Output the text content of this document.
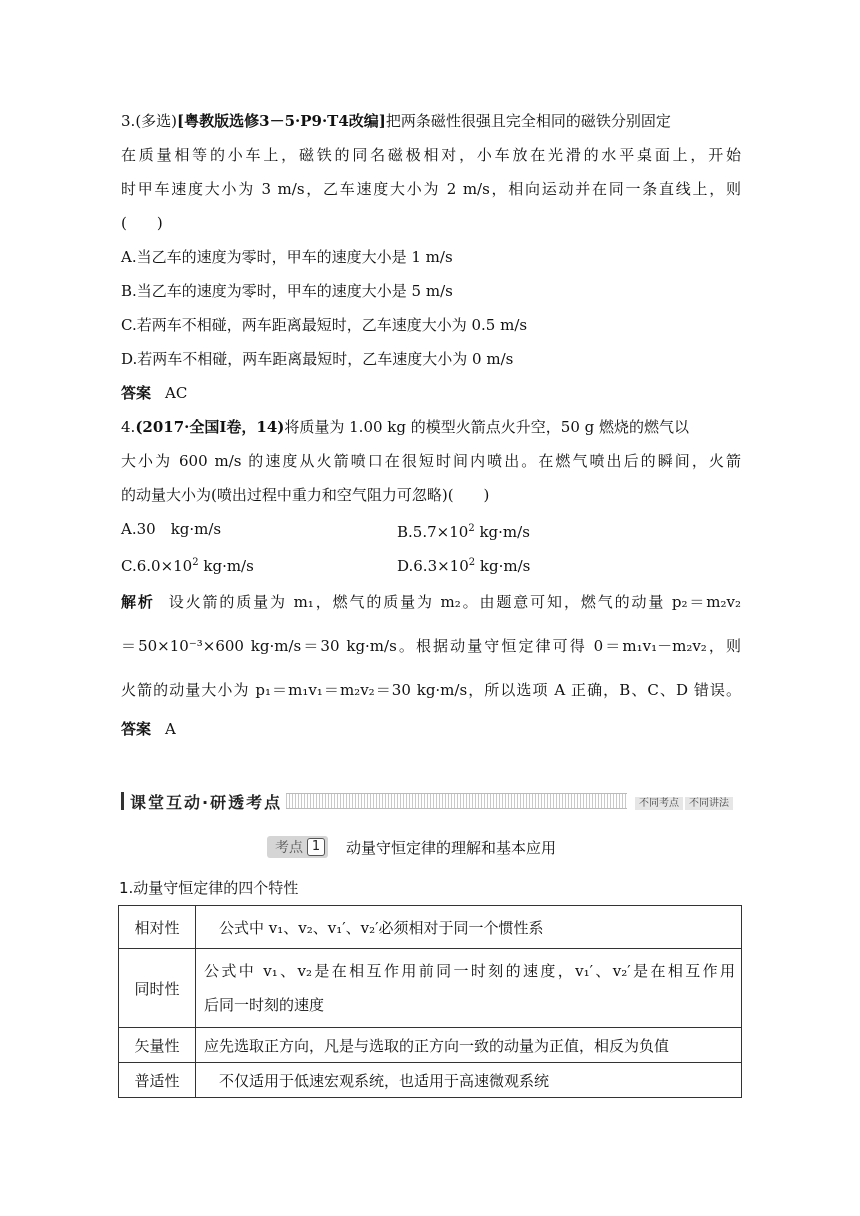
3.(多选)[粤教版选修3－5·P9·T4改编]把两条磁性很强且完全相同的磁铁分别固定
在质量相等的小车上，磁铁的同名磁极相对，小车放在光滑的水平桌面上，开始
时甲车速度大小为 3 m/s，乙车速度大小为 2 m/s，相向运动并在同一条直线上，则
(　　)
A.当乙车的速度为零时，甲车的速度大小是 1 m/s
B.当乙车的速度为零时，甲车的速度大小是 5 m/s
C.若两车不相碰，两车距离最短时，乙车速度大小为 0.5 m/s
D.若两车不相碰，两车距离最短时，乙车速度大小为 0 m/s
答案 AC
4.(2017·全国Ⅰ卷，14)将质量为 1.00 kg 的模型火箭点火升空，50 g 燃烧的燃气以
大小为 600 m/s 的速度从火箭喷口在很短时间内喷出。在燃气喷出后的瞬间，火箭
的动量大小为(喷出过程中重力和空气阻力可忽略)(　　)
A.30　kg·m/s	$B.5.7\times 10^2$ kg·m/s
$C.6.0\times 10^2$ kg·m/s	$D.6.3\times 10^2$ kg·m/s
解析 设火箭的质量为 m₁，燃气的质量为 m₂。由题意可知，燃气的动量 p₂＝m₂v₂
＝50×10⁻³×600 kg·m/s＝30 kg·m/s。根据动量守恒定律可得 0＝m₁v₁－m₂v₂，则
火箭的动量大小为 p₁＝m₁v₁＝m₂v₂＝30 kg·m/s，所以选项 A 正确，B、C、D 错误。
答案 A
课堂互动·研透考点	不同考点 不同讲法
考点 1	动量守恒定律的理解和基本应用
1.动量守恒定律的四个特性
相对性	　公式中 v₁、v₂、v₁′、v₂′必须相对于同一个惯性系
同时性	公式中 v₁、v₂是在相互作用前同一时刻的速度，v₁′、v₂′是在相互作用
后同一时刻的速度

矢量性	应先选取正方向，凡是与选取的正方向一致的动量为正值，相反为负值
普适性	　不仅适用于低速宏观系统，也适用于高速微观系统
